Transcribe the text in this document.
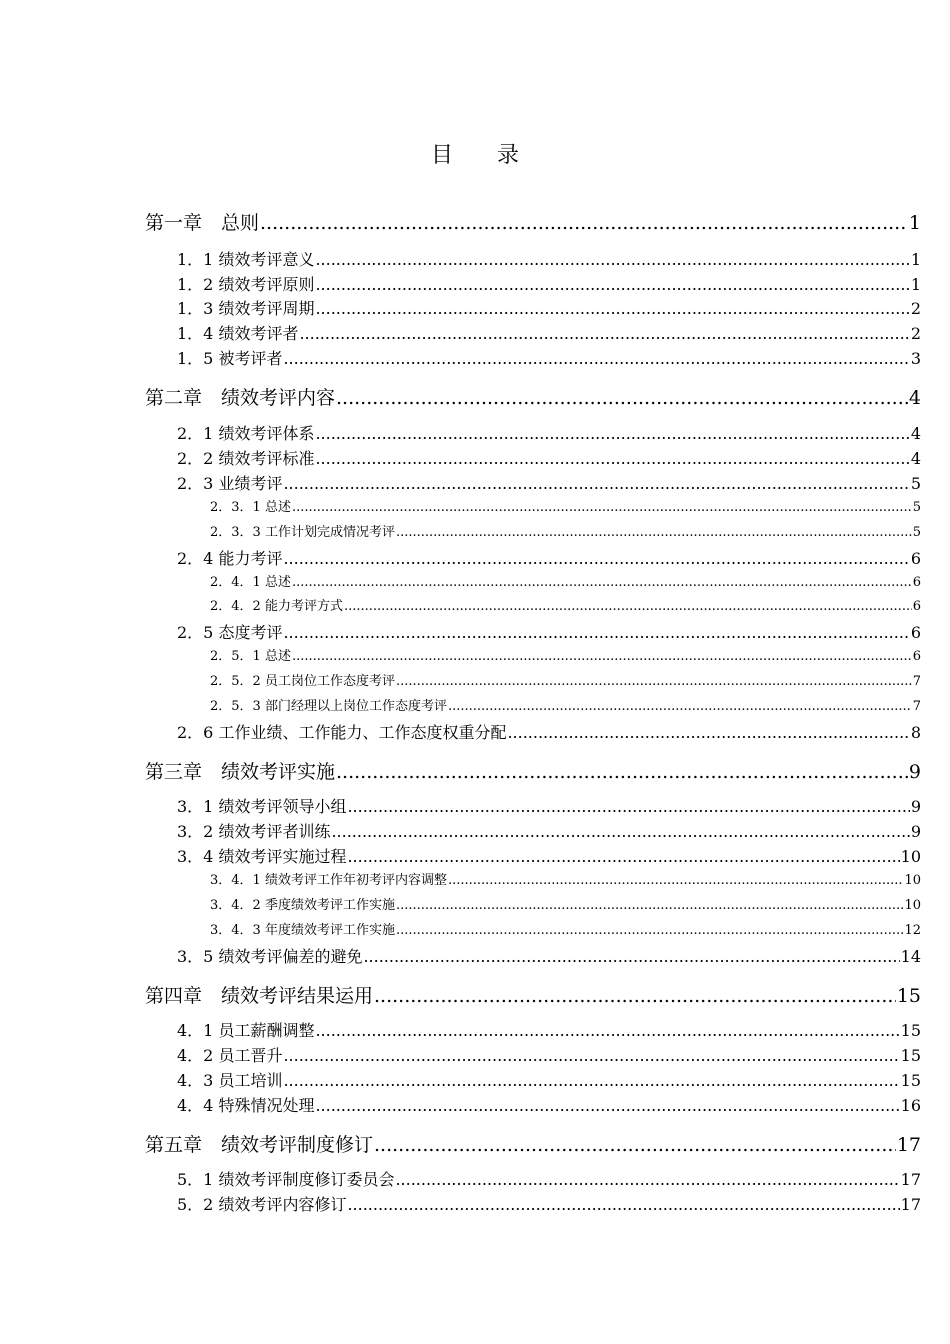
目　　录
第一章　总则 .....	1
1．1 绩效考评意义 .....	1
1．2 绩效考评原则 .....	1
1．3 绩效考评周期 .....	2
1．4 绩效考评者 .....	2
1．5 被考评者 .....	3
第二章　绩效考评内容 .....	4
2．1 绩效考评体系 .....	4
2．2 绩效考评标准 .....	4
2．3 业绩考评 .....	5
2．3．1 总述 .....	5
2．3．3 工作计划完成情况考评 .....	5
2．4 能力考评 .....	6
2．4．1 总述 .....	6
2．4．2 能力考评方式 .....	6
2．5 态度考评 .....	6
2．5．1 总述 .....	6
2．5．2 员工岗位工作态度考评 .....	7
2．5．3 部门经理以上岗位工作态度考评 .....	7
2．6 工作业绩、工作能力、工作态度权重分配 .....	8
第三章　绩效考评实施 .....	9
3．1 绩效考评领导小组 .....	9
3．2 绩效考评者训练 .....	9
3．4 绩效考评实施过程 .....	10
3．4．1 绩效考评工作年初考评内容调整 .....	10
3．4．2 季度绩效考评工作实施 .....	10
3．4．3 年度绩效考评工作实施 .....	12
3．5 绩效考评偏差的避免 .....	14
第四章　绩效考评结果运用 .....	15
4．1 员工薪酬调整 .....	15
4．2 员工晋升 .....	15
4．3 员工培训 .....	15
4．4 特殊情况处理 .....	16
第五章　绩效考评制度修订 .....	17
5．1 绩效考评制度修订委员会 .....	17
5．2 绩效考评内容修订 .....	17
